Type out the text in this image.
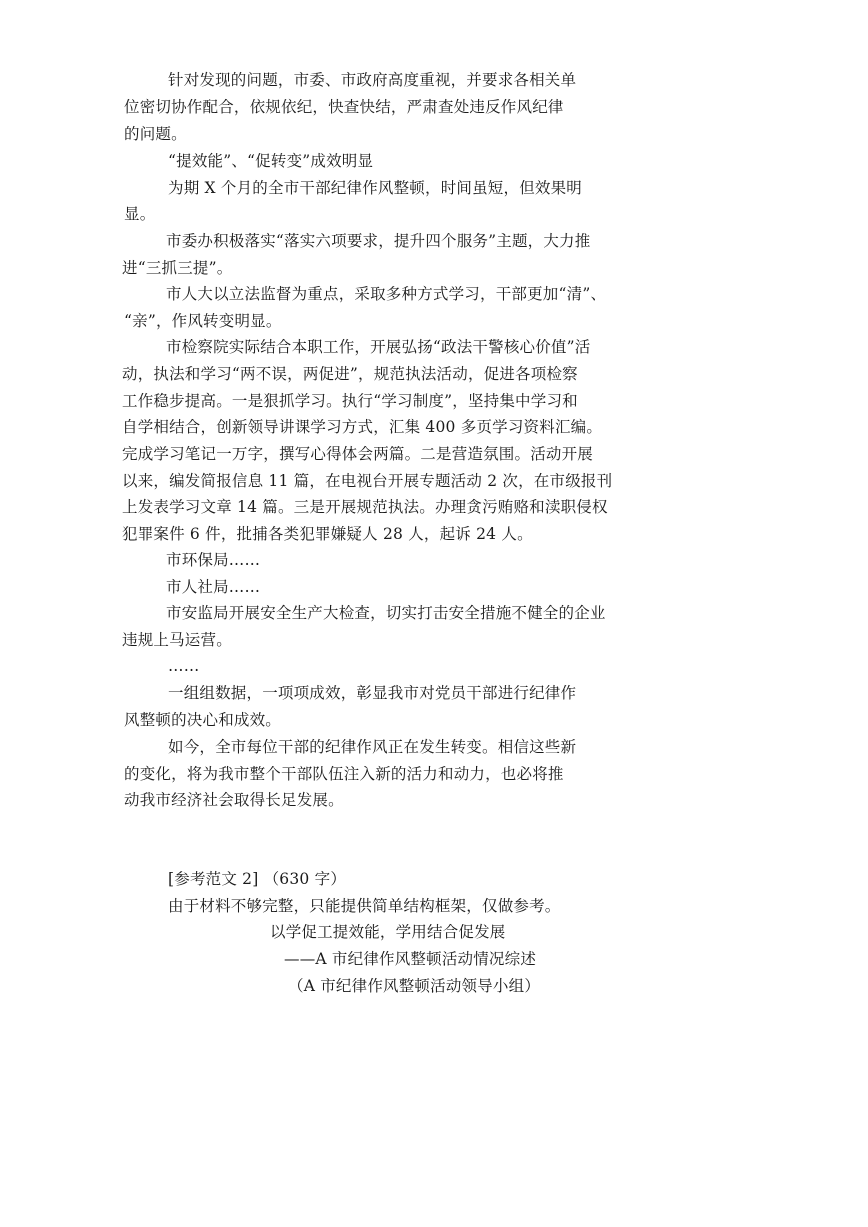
针对发现的问题，市委、市政府高度重视，并要求各相关单

位密切协作配合，依规依纪，快查快结，严肃查处违反作风纪律

的问题。

“提效能”、“促转变”成效明显

为期 X 个月的全市干部纪律作风整顿，时间虽短，但效果明

显。

市委办积极落实“落实六项要求，提升四个服务”主题，大力推

进“三抓三提”。

市人大以立法监督为重点，采取多种方式学习，干部更加“清”、

“亲”，作风转变明显。

市检察院实际结合本职工作，开展弘扬“政法干警核心价值”活

动，执法和学习“两不误，两促进”，规范执法活动，促进各项检察

工作稳步提高。一是狠抓学习。执行“学习制度”，坚持集中学习和

自学相结合，创新领导讲课学习方式，汇集 400 多页学习资料汇编。

完成学习笔记一万字，撰写心得体会两篇。二是营造氛围。活动开展

以来，编发简报信息 11 篇，在电视台开展专题活动 2 次，在市级报刊

上发表学习文章 14 篇。三是开展规范执法。办理贪污贿赂和渎职侵权

犯罪案件 6 件，批捕各类犯罪嫌疑人 28 人，起诉 24 人。

市环保局……

市人社局……

市安监局开展安全生产大检查，切实打击安全措施不健全的企业

违规上马运营。

……

一组组数据，一项项成效，彰显我市对党员干部进行纪律作

风整顿的决心和成效。

如今，全市每位干部的纪律作风正在发生转变。相信这些新

的变化，将为我市整个干部队伍注入新的活力和动力，也必将推

动我市经济社会取得长足发展。

[参考范文 2] （630 字）

由于材料不够完整，只能提供简单结构框架，仅做参考。

以学促工提效能，学用结合促发展

——A 市纪律作风整顿活动情况综述

（A 市纪律作风整顿活动领导小组）
